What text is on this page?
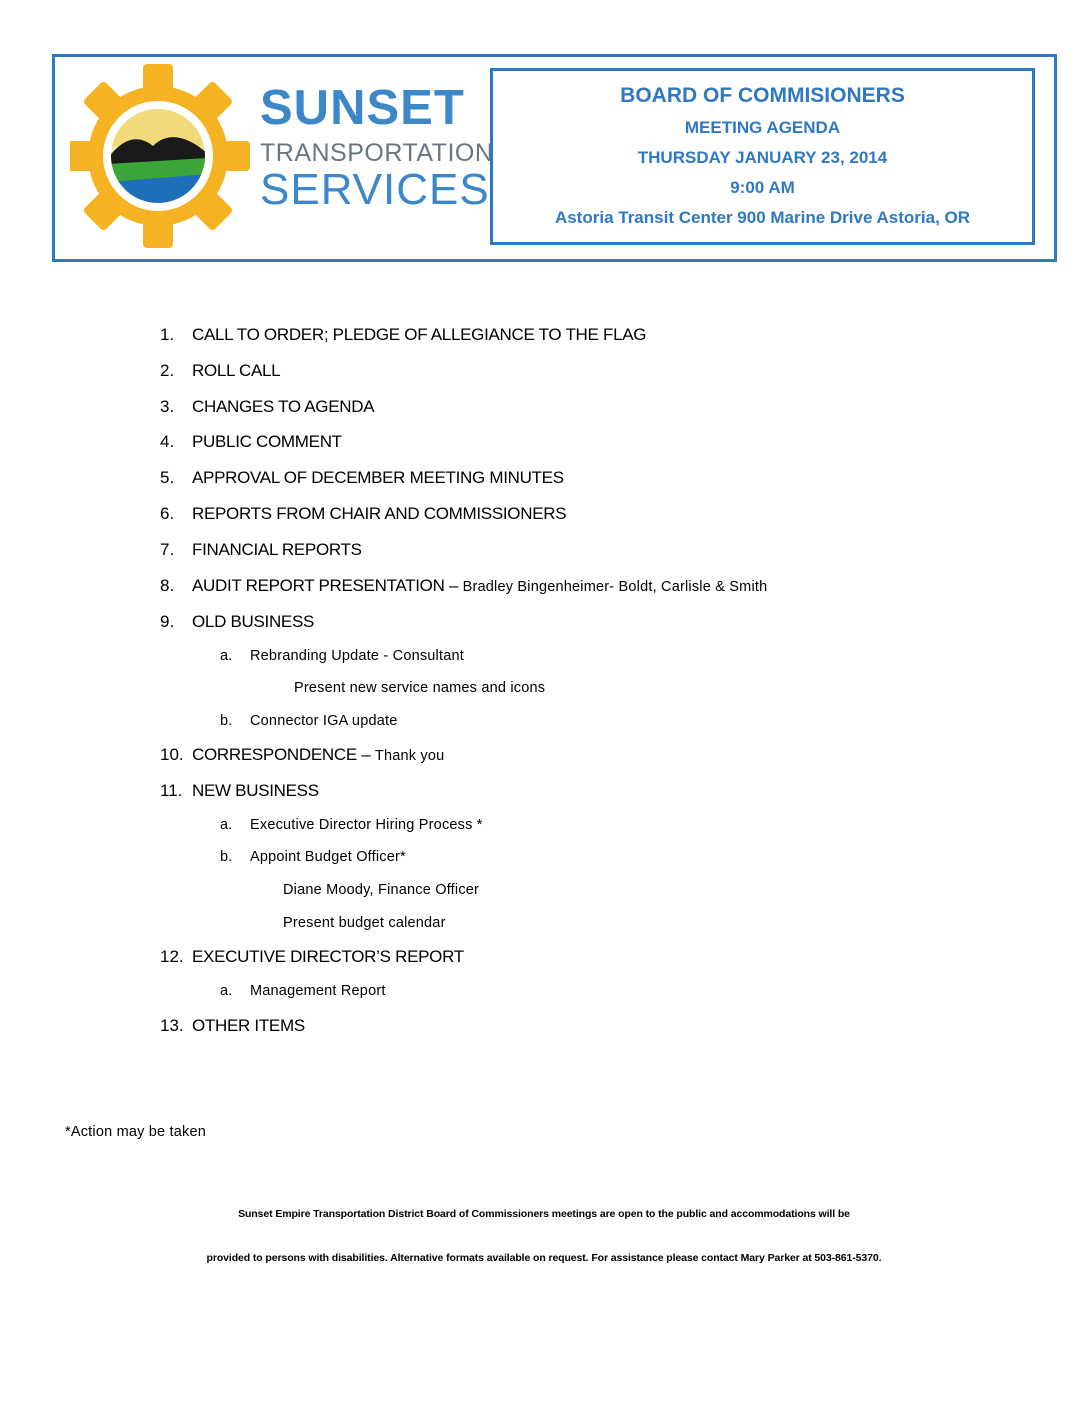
SUNSET
TRANSPORTATION
SERVICES
BOARD OF COMMISIONERS
MEETING AGENDA
THURSDAY JANUARY 23, 2014
9:00 AM
Astoria Transit Center 900 Marine Drive Astoria, OR
1. CALL TO ORDER; PLEDGE OF ALLEGIANCE TO THE FLAG
2. ROLL CALL
3. CHANGES TO AGENDA
4. PUBLIC COMMENT
5. APPROVAL OF DECEMBER MEETING MINUTES
6. REPORTS FROM CHAIR AND COMMISSIONERS
7. FINANCIAL REPORTS
8. AUDIT REPORT PRESENTATION – Bradley Bingenheimer- Boldt, Carlisle & Smith
9. OLD BUSINESS
a. Rebranding Update - Consultant
Present new service names and icons
b. Connector IGA update
10. CORRESPONDENCE – Thank you
11. NEW BUSINESS
a. Executive Director Hiring Process *
b. Appoint Budget Officer*
Diane Moody, Finance Officer
Present budget calendar
12. EXECUTIVE DIRECTOR’S REPORT
a. Management Report
13. OTHER ITEMS
*Action may be taken
Sunset Empire Transportation District Board of Commissioners meetings are open to the public and accommodations will be
provided to persons with disabilities. Alternative formats available on request. For assistance please contact Mary Parker at 503-861-5370.
